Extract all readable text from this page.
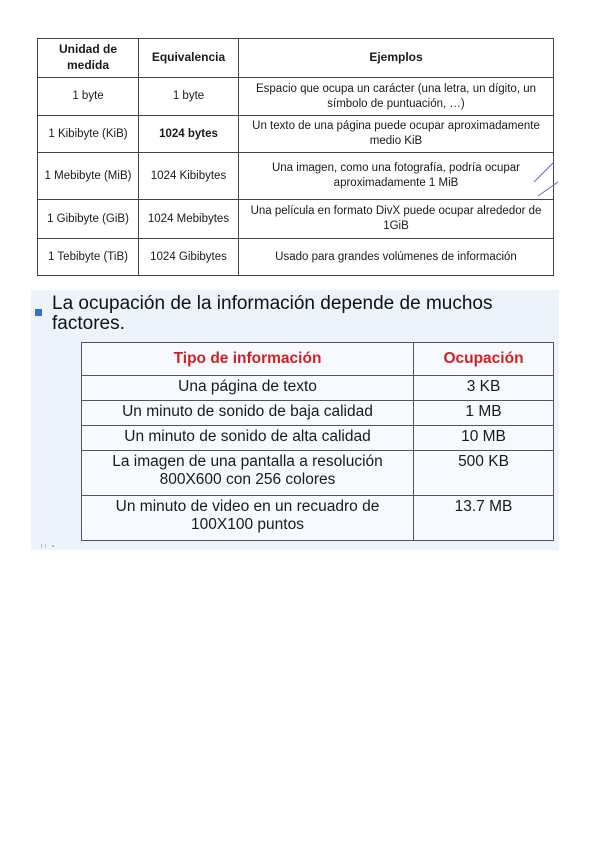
Unidad de medida	Equivalencia	Ejemplos
1 byte	1 byte	Espacio que ocupa un carácter (una letra, un dígito, un símbolo de puntuación, …)
1 Kibibyte (KiB)	1024 bytes	Un texto de una página puede ocupar aproximadamente medio KiB
1 Mebibyte (MiB)	1024 Kibibytes	Una imagen, como una fotografía, podría ocupar aproximadamente 1 MiB
1 Gibibyte (GiB)	1024 Mebibytes	Una película en formato DivX puede ocupar alrededor de 1GiB
1 Tebibyte (TiB)	1024 Gibibytes	Usado para grandes volúmenes de información
La ocupación de la información depende de muchos factores.
Tipo de información	Ocupación
Una página de texto	3 KB
Un minuto de sonido de baja calidad	1 MB
Un minuto de sonido de alta calidad	10 MB
La imagen de una pantalla a resolución 800X600 con 256 colores	500 KB
Un minuto de video en un recuadro de 100X100 puntos	13.7 MB
